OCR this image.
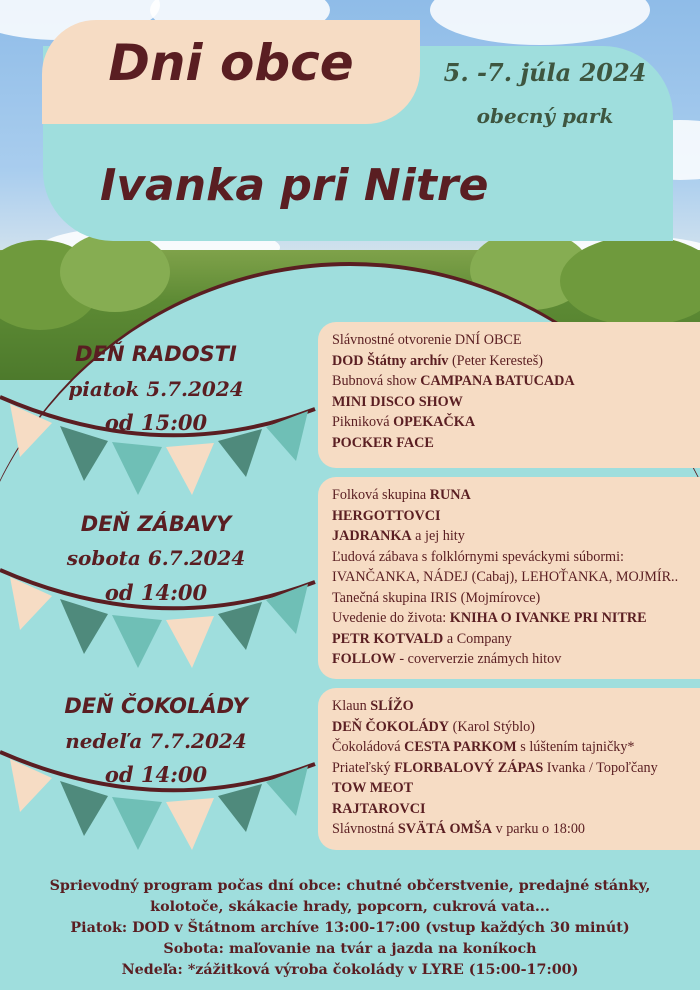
Dni obce
Ivanka pri Nitre
5. -7. júla 2024
obecný park
DEŇ RADOSTI
piatok 5.7.2024
od 15:00
Slávnostné otvorenie DNÍ OBCE
DOD Štátny archív (Peter Keresteš)
Bubnová show CAMPANA BATUCADA
MINI DISCO SHOW
Pikniková OPEKAČKA
POCKER FACE
DEŇ ZÁBAVY
sobota 6.7.2024
od 14:00
Folková skupina RUNA
HERGOTTOVCI
JADRANKA a jej hity
Ľudová zábava s folklórnymi speváckymi súbormi:
IVANČANKA, NÁDEJ (Cabaj), LEHOŤANKA, MOJMÍR..
Tanečná skupina IRIS (Mojmírovce)
Uvedenie do života: KNIHA O IVANKE PRI NITRE
PETR KOTVALD a Company
FOLLOW - coververzie známych hitov
DEŇ ČOKOLÁDY
nedeľa 7.7.2024
od 14:00
Klaun SLÍŽO
DEŇ ČOKOLÁDY (Karol Stýblo)
Čokoládová CESTA PARKOM s lúštením tajničky*
Priateľský FLORBALOVÝ ZÁPAS Ivanka / Topoľčany
TOW MEOT
RAJTAROVCI
Slávnostná SVÄTÁ OMŠA v parku o 18:00
Sprievodný program počas dní obce: chutné občerstvenie, predajné stánky,
kolotoče, skákacie hrady, popcorn, cukrová vata...
Piatok: DOD v Štátnom archíve 13:00-17:00 (vstup každých 30 minút)
Sobota: maľovanie na tvár a jazda na koníkoch
Nedeľa: *zážitková výroba čokolády v LYRE (15:00-17:00)
